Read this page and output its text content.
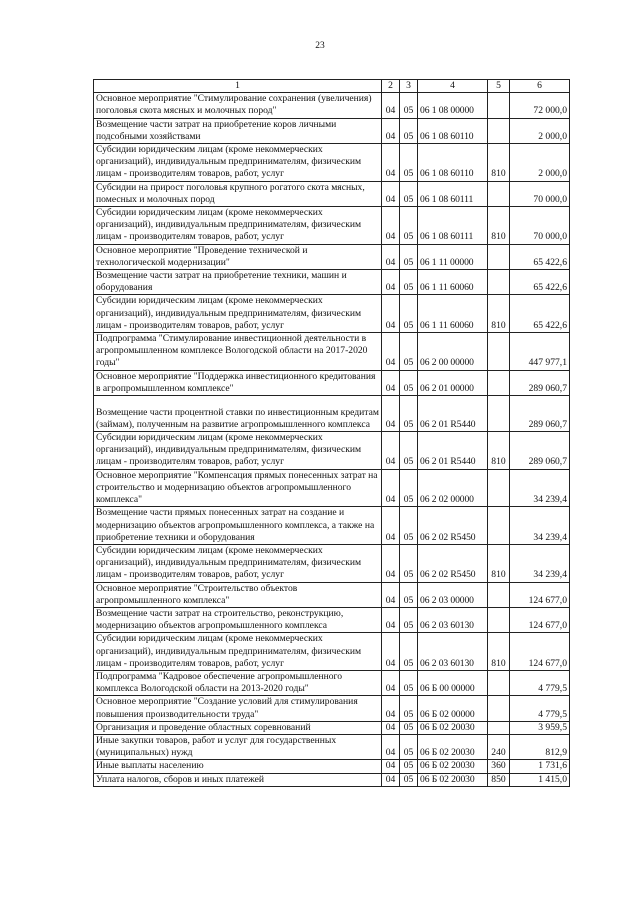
23
1	2	3	4	5	6
Основное мероприятие "Стимулирование сохранения (увеличения) поголовья скота мясных и молочных пород"	04	05	06 1 08 00000		72 000,0
Возмещение части затрат на приобретение коров личными подсобными хозяйствами	04	05	06 1 08 60110		2 000,0
Субсидии юридическим лицам (кроме некоммерческих организаций), индивидуальным предпринимателям, физическим лицам - производителям товаров, работ, услуг	04	05	06 1 08 60110	810	2 000,0
Субсидии на прирост поголовья крупного рогатого скота мясных, помесных и молочных пород	04	05	06 1 08 60111		70 000,0
Субсидии юридическим лицам (кроме некоммерческих организаций), индивидуальным предпринимателям, физическим лицам - производителям товаров, работ, услуг	04	05	06 1 08 60111	810	70 000,0
Основное мероприятие "Проведение технической и технологической модернизации"	04	05	06 1 11 00000		65 422,6
Возмещение части затрат на приобретение техники, машин и оборудования	04	05	06 1 11 60060		65 422,6
Субсидии юридическим лицам (кроме некоммерческих организаций), индивидуальным предпринимателям, физическим лицам - производителям товаров, работ, услуг	04	05	06 1 11 60060	810	65 422,6
Подпрограмма "Стимулирование инвестиционной деятельности в агропромышленном комплексе Вологодской области на 2017-2020 годы"	04	05	06 2 00 00000		447 977,1
Основное мероприятие "Поддержка инвестиционного кредитования в агропромышленном комплексе"	04	05	06 2 01 00000		289 060,7
Возмещение части процентной ставки по инвестиционным кредитам (займам), полученным на развитие агропромышленного комплекса	04	05	06 2 01 R5440		289 060,7
Субсидии юридическим лицам (кроме некоммерческих организаций), индивидуальным предпринимателям, физическим лицам - производителям товаров, работ, услуг	04	05	06 2 01 R5440	810	289 060,7
Основное мероприятие "Компенсация прямых понесенных затрат на строительство и модернизацию объектов агропромышленного комплекса"	04	05	06 2 02 00000		34 239,4
Возмещение части прямых понесенных затрат на создание и модернизацию объектов агропромышленного комплекса, а также на приобретение техники и оборудования	04	05	06 2 02 R5450		34 239,4
Субсидии юридическим лицам (кроме некоммерческих организаций), индивидуальным предпринимателям, физическим лицам - производителям товаров, работ, услуг	04	05	06 2 02 R5450	810	34 239,4
Основное мероприятие "Строительство объектов агропромышленного комплекса"	04	05	06 2 03 00000		124 677,0
Возмещение части затрат на строительство, реконструкцию, модернизацию объектов агропромышленного комплекса	04	05	06 2 03 60130		124 677,0
Субсидии юридическим лицам (кроме некоммерческих организаций), индивидуальным предпринимателям, физическим лицам - производителям товаров, работ, услуг	04	05	06 2 03 60130	810	124 677,0
Подпрограмма "Кадровое обеспечение агропромышленного комплекса Вологодской области на 2013-2020 годы"	04	05	06 Б 00 00000		4 779,5
Основное мероприятие "Создание условий для стимулирования повышения производительности труда"	04	05	06 Б 02 00000		4 779,5
Организация и проведение областных соревнований	04	05	06 Б 02 20030		3 959,5
Иные закупки товаров, работ и услуг для государственных (муниципальных) нужд	04	05	06 Б 02 20030	240	812,9
Иные выплаты населению	04	05	06 Б 02 20030	360	1 731,6
Уплата налогов, сборов и иных платежей	04	05	06 Б 02 20030	850	1 415,0
